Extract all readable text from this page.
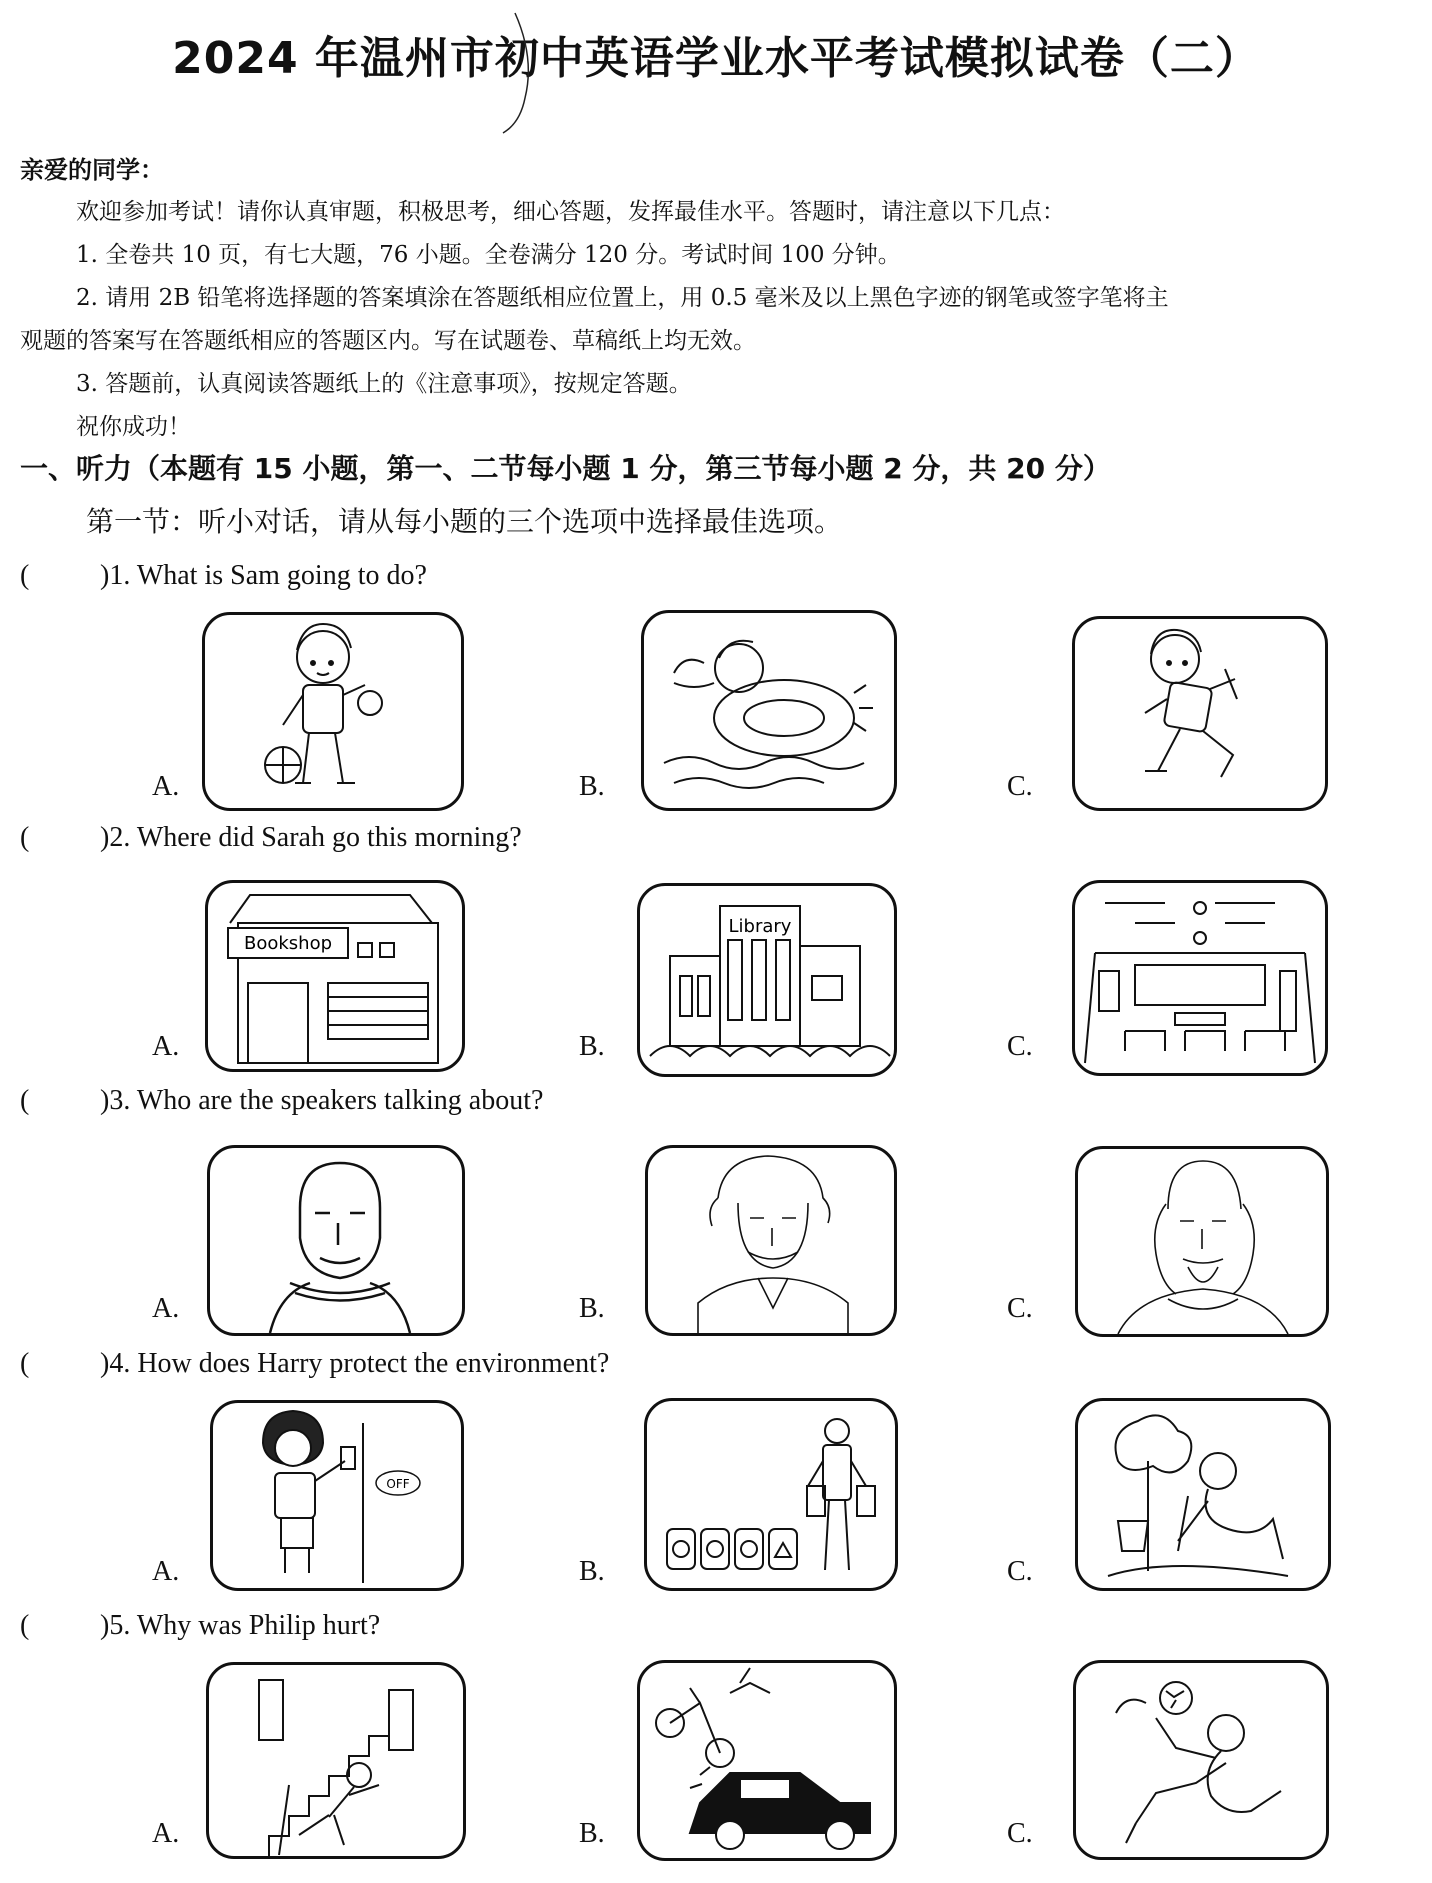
2024 年温州市初中英语学业水平考试模拟试卷（二）
亲爱的同学：
欢迎参加考试！请你认真审题，积极思考，细心答题，发挥最佳水平。答题时，请注意以下几点：
1. 全卷共 10 页，有七大题，76 小题。全卷满分 120 分。考试时间 100 分钟。
2. 请用 2B 铅笔将选择题的答案填涂在答题纸相应位置上，用 0.5 毫米及以上黑色字迹的钢笔或签字笔将主
观题的答案写在答题纸相应的答题区内。写在试题卷、草稿纸上均无效。
3. 答题前，认真阅读答题纸上的《注意事项》，按规定答题。
祝你成功！
一、听力（本题有 15 小题，第一、二节每小题 1 分，第三节每小题 2 分，共 20 分）
第一节：听小对话，请从每小题的三个选项中选择最佳选项。
(	)1. What is Sam going to do?
A.	B.	C.
(	)2. Where did Sarah go this morning?
A.	B.	C.
Bookshop
Library
(	)3. Who are the speakers talking about?
A.	B.	C.
(	)4. How does Harry protect the environment?
A.	B.	C.
OFF
(	)5. Why was Philip hurt?
A.	B.	C.
